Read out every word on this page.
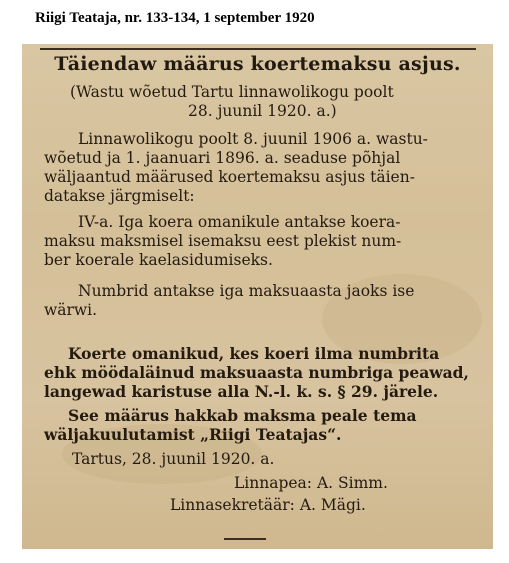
Riigi Teataja, nr. 133-134, 1 september 1920
Täiendaw määrus koertemaksu asjus.
(Wastu wõetud Tartu linnawolikogu poolt
28. juunil 1920. a.)
Linnawolikogu poolt 8. juunil 1906 a. wastu-
wõetud ja 1. jaanuari 1896. a. seaduse põhjal
wäljaantud määrused koertemaksu asjus täien-
datakse järgmiselt:
IV-a. Iga koera omanikule antakse koera-
maksu maksmisel isemaksu eest plekist num-
ber koerale kaelasidumiseks.
Numbrid antakse iga maksuaasta jaoks ise
wärwi.
Koerte omanikud, kes koeri ilma numbrita
ehk möödaläinud maksuaasta numbriga peawad,
langewad karistuse alla N.-l. k. s. § 29. järele.
See määrus hakkab maksma peale tema
wäljakuulutamist „Riigi Teatajas“.
Tartus, 28. juunil 1920. a.
Linnapea: A. Simm.
Linnasekretäär: A. Mägi.
